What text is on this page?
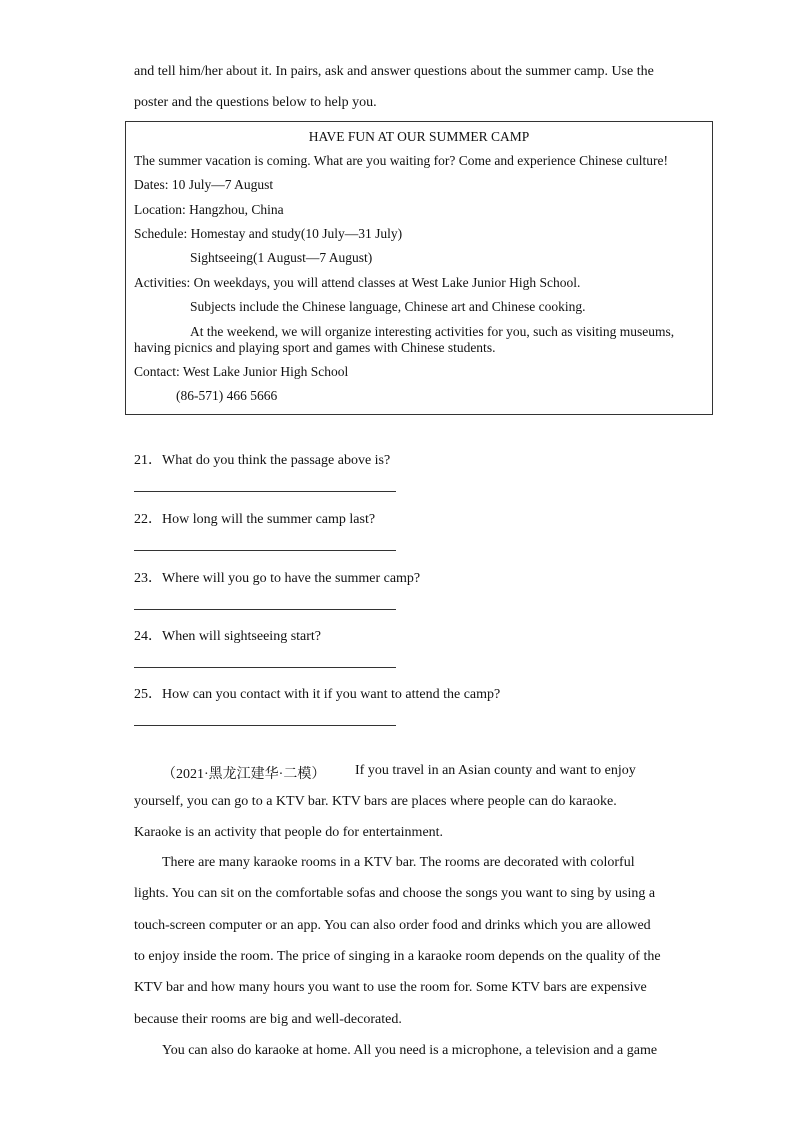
and tell him/her about it. In pairs, ask and answer questions about the summer camp. Use the
poster and the questions below to help you.
HAVE FUN AT OUR SUMMER CAMP
The summer vacation is coming. What are you waiting for? Come and experience Chinese culture!
Dates: 10 July—7 August
Location: Hangzhou, China
Schedule: Homestay and study(10 July—31 July)
Sightseeing(1 August—7 August)
Activities: On weekdays, you will attend classes at West Lake Junior High School.
Subjects include the Chinese language, Chinese art and Chinese cooking.
At the weekend, we will organize interesting activities for you, such as visiting museums,
having picnics and playing sport and games with Chinese students.
Contact: West Lake Junior High School
(86-571) 466 5666
21．What do you think the passage above is?
22．How long will the summer camp last?
23．Where will you go to have the summer camp?
24．When will sightseeing start?
25．How can you contact with it if you want to attend the camp?
（2021·黑龙江建华·二模） If you travel in an Asian county and want to enjoy
yourself, you can go to a KTV bar. KTV bars are places where people can do karaoke.
Karaoke is an activity that people do for entertainment.
There are many karaoke rooms in a KTV bar. The rooms are decorated with colorful
lights. You can sit on the comfortable sofas and choose the songs you want to sing by using a
touch-screen computer or an app. You can also order food and drinks which you are allowed
to enjoy inside the room. The price of singing in a karaoke room depends on the quality of the
KTV bar and how many hours you want to use the room for. Some KTV bars are expensive
because their rooms are big and well-decorated.
You can also do karaoke at home. All you need is a microphone, a television and a game
